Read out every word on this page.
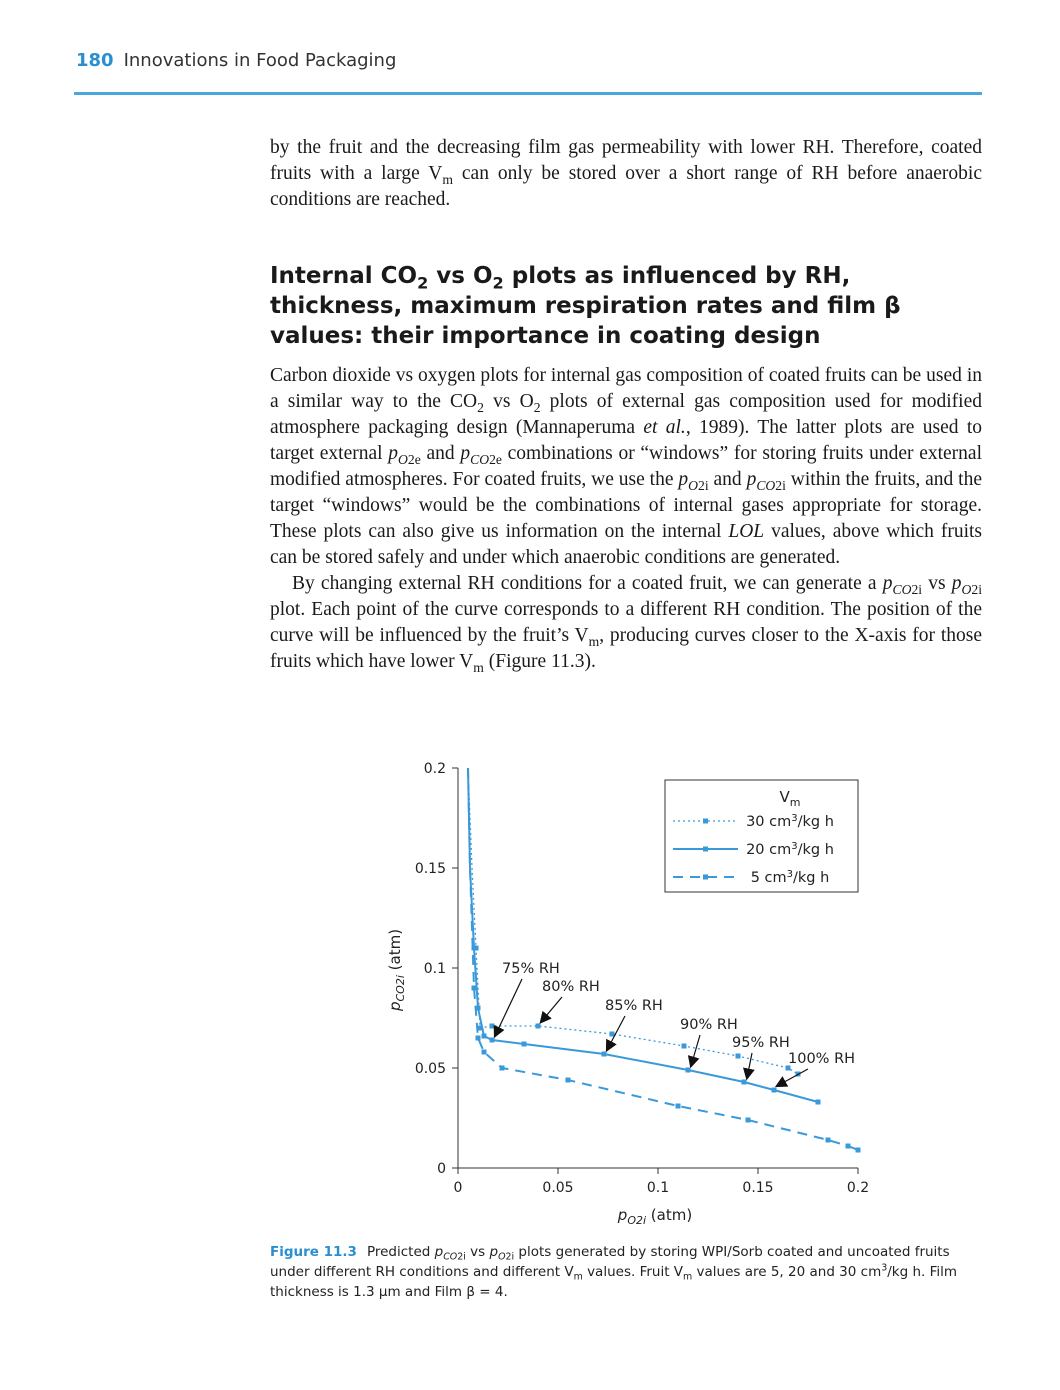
180 Innovations in Food Packaging

by the fruit and the decreasing film gas permeability with lower RH. Therefore, coated fruits with a large $V_m$ can only be stored over a short range of RH before anaerobic conditions are reached.

Internal $CO_2$ vs $O_2$ plots as influenced by RH, thickness, maximum respiration rates and film β values: their importance in coating design

Carbon dioxide vs oxygen plots for internal gas composition of coated fruits can be used in a similar way to the $CO_2$ vs $O_2$ plots of external gas composition used for modified atmosphere packaging design (Mannaperuma et al., 1989). The latter plots are used to target external $p_{O2e}$ and $p_{CO2e}$ combinations or “windows” for storing fruits under external modified atmospheres. For coated fruits, we use the $p_{O2i}$ and $p_{CO2i}$ within the fruits, and the target “windows” would be the combinations of internal gases appropriate for storage. These plots can also give us information on the internal LOL values, above which fruits can be stored safely and under which anaerobic conditions are generated.

By changing external RH conditions for a coated fruit, we can generate a $p_{CO2i}$ vs $p_{O2i}$ plot. Each point of the curve corresponds to a different RH condition. The position of the curve will be influenced by the fruit’s $V_m$, producing curves closer to the X-axis for those fruits which have lower $V_m$ (Figure 11.3).

0
0.05
0.1
0.15
0.2
0	0.05	0.1	0.15	0.2
75% RH
80% RH
85% RH
90% RH
95% RH
100% RH
$V_m$
30 $cm^3/kg$ h
20 $cm^3/kg$ h
5 $cm^3/kg$ h
$p_{O2i}$ (atm)
$p_{CO2i}$ (atm)
Figure 11.3 Predicted $p_{CO2i}$ vs $p_{O2i}$ plots generated by storing WPI/Sorb coated and uncoated fruits under different RH conditions and different $V_m$ values. Fruit $V_m$ values are 5, 20 and 30 $cm^3/kg$ h. Film thickness is 1.3 μm and Film β = 4.
